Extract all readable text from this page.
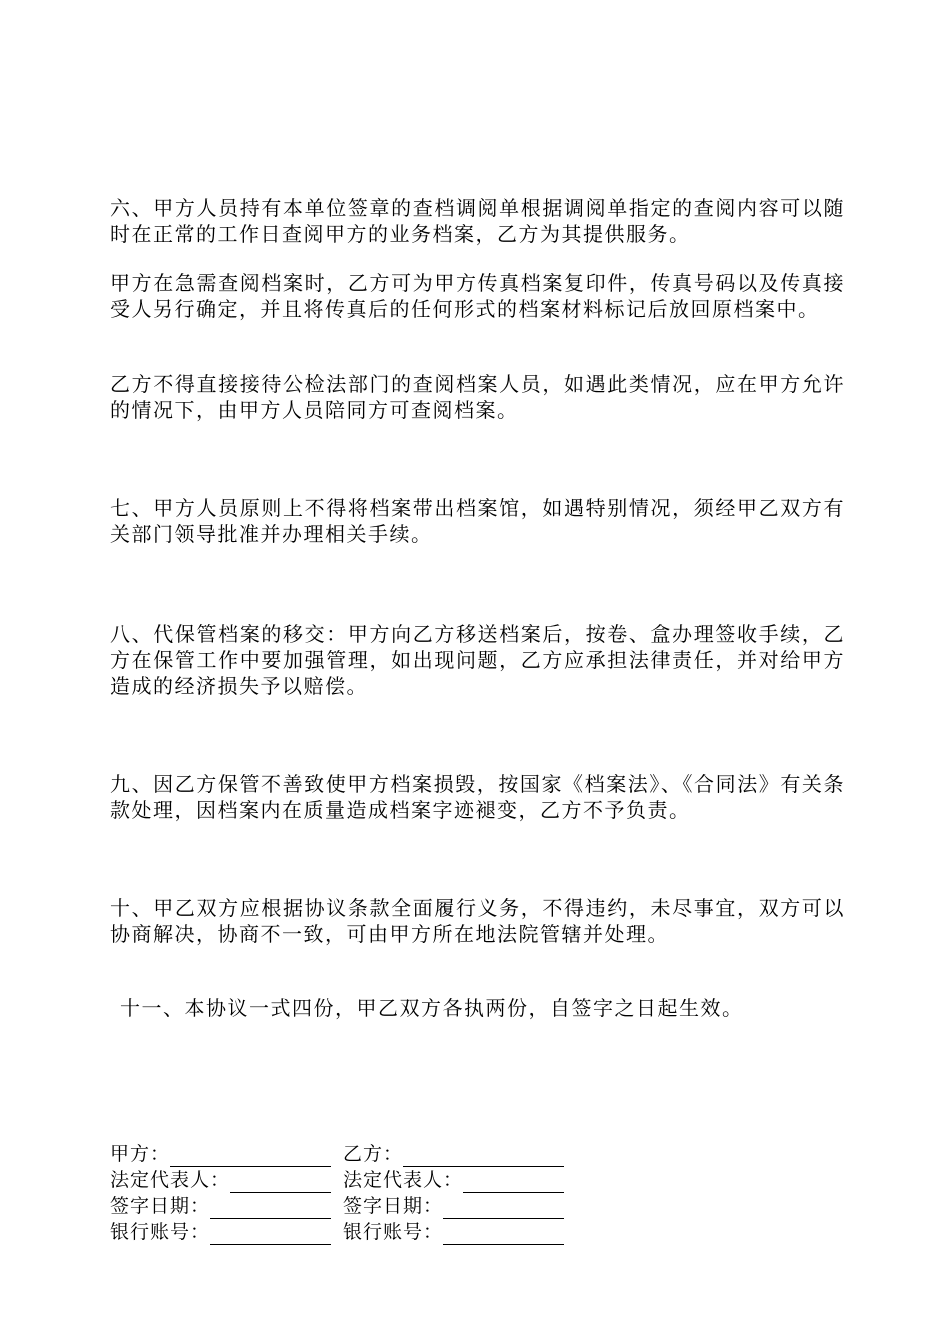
六、甲方人员持有本单位签章的查档调阅单根据调阅单指定的查阅内容可以随时在正常的工作日查阅甲方的业务档案，乙方为其提供服务。

甲方在急需查阅档案时，乙方可为甲方传真档案复印件，传真号码以及传真接受人另行确定，并且将传真后的任何形式的档案材料标记后放回原档案中。

乙方不得直接接待公检法部门的查阅档案人员，如遇此类情况，应在甲方允许的情况下，由甲方人员陪同方可查阅档案。

七、甲方人员原则上不得将档案带出档案馆，如遇特别情况，须经甲乙双方有关部门领导批准并办理相关手续。

八、代保管档案的移交：甲方向乙方移送档案后，按卷、盒办理签收手续，乙方在保管工作中要加强管理，如出现问题，乙方应承担法律责任，并对给甲方造成的经济损失予以赔偿。

九、因乙方保管不善致使甲方档案损毁，按国家《档案法》、《合同法》有关条款处理，因档案内在质量造成档案字迹褪变，乙方不予负责。

十、甲乙双方应根据协议条款全面履行义务，不得违约，未尽事宜，双方可以协商解决，协商不一致，可由甲方所在地法院管辖并处理。

十一、本协议一式四份，甲乙双方各执两份，自签字之日起生效。

甲方：	乙方：
法定代表人：	法定代表人：
签字日期：	签字日期：
银行账号：	银行账号：
